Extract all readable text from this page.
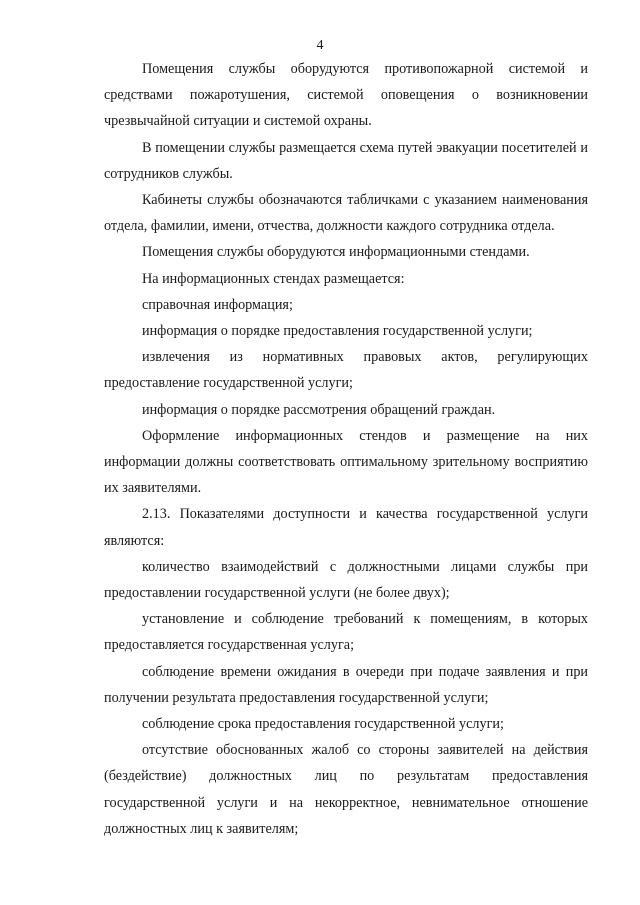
4

Помещения службы оборудуются противопожарной системой и средствами пожаротушения, системой оповещения о возникновении чрезвычайной ситуации и системой охраны.

В помещении службы размещается схема путей эвакуации посетителей и сотрудников службы.

Кабинеты службы обозначаются табличками с указанием наименования отдела, фамилии, имени, отчества, должности каждого сотрудника отдела.

Помещения службы оборудуются информационными стендами.

На информационных стендах размещается:

справочная информация;

информация о порядке предоставления государственной услуги;

извлечения из нормативных правовых актов, регулирующих предоставление государственной услуги;

информация о порядке рассмотрения обращений граждан.

Оформление информационных стендов и размещение на них информации должны соответствовать оптимальному зрительному восприятию их заявителями.

2.13. Показателями доступности и качества государственной услуги являются:

количество взаимодействий с должностными лицами службы при предоставлении государственной услуги (не более двух);

установление и соблюдение требований к помещениям, в которых предоставляется государственная услуга;

соблюдение времени ожидания в очереди при подаче заявления и при получении результата предоставления государственной услуги;

соблюдение срока предоставления государственной услуги;

отсутствие обоснованных жалоб со стороны заявителей на действия (бездействие) должностных лиц по результатам предоставления государственной услуги и на некорректное, невнимательное отношение должностных лиц к заявителям;
